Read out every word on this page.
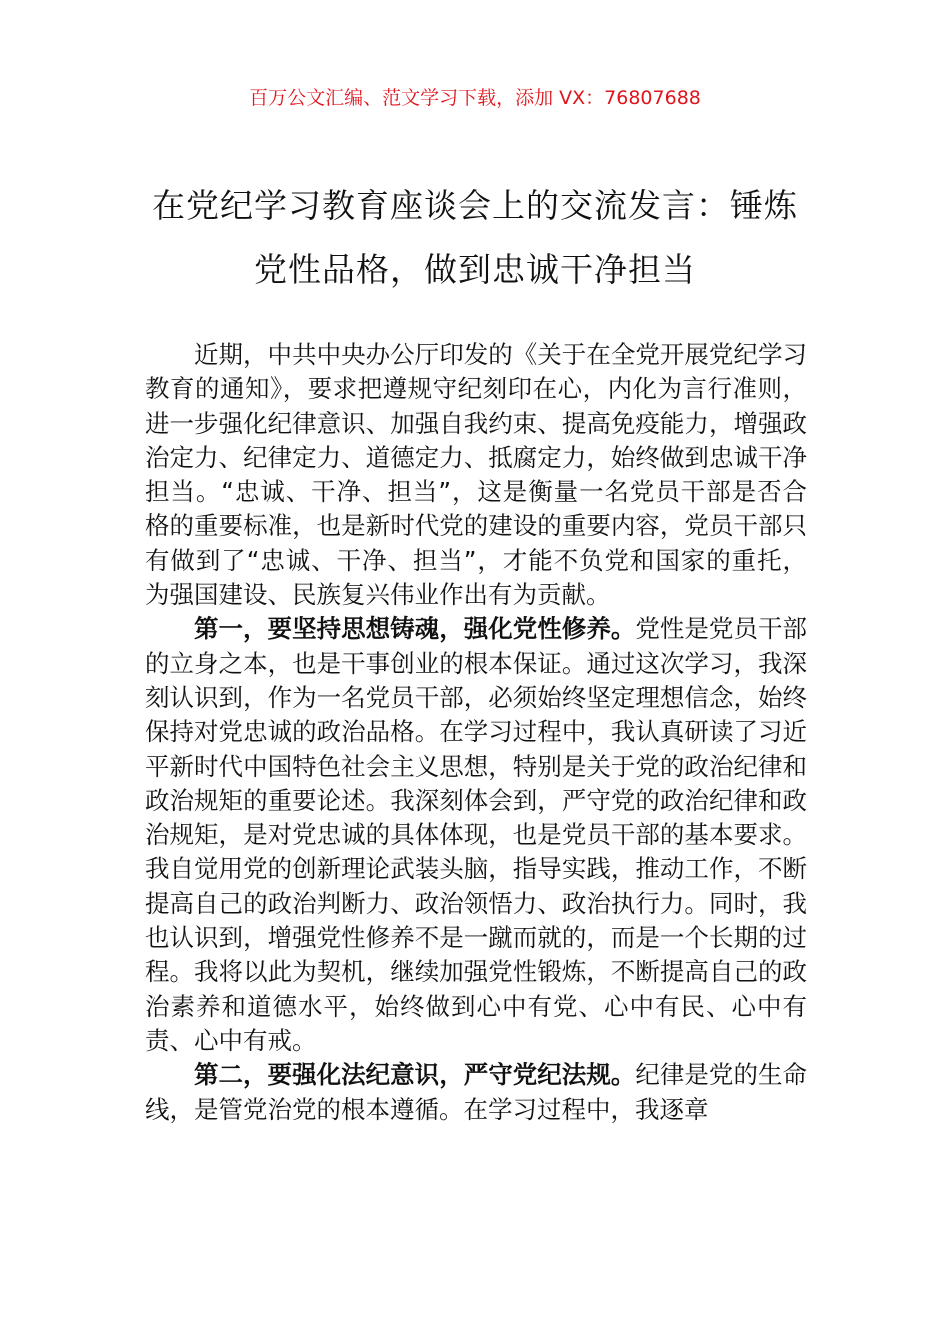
百万公文汇编、范文学习下载，添加 VX：76807688
在党纪学习教育座谈会上的交流发言：锤炼党性品格，做到忠诚干净担当

近期，中共中央办公厅印发的《关于在全党开展党纪学习教育的通知》，要求把遵规守纪刻印在心，内化为言行准则，进一步强化纪律意识、加强自我约束、提高免疫能力，增强政治定力、纪律定力、道德定力、抵腐定力，始终做到忠诚干净担当。“忠诚、干净、担当”，这是衡量一名党员干部是否合格的重要标准，也是新时代党的建设的重要内容，党员干部只有做到了“忠诚、干净、担当”，才能不负党和国家的重托，为强国建设、民族复兴伟业作出有为贡献。

第一，要坚持思想铸魂，强化党性修养。党性是党员干部的立身之本，也是干事创业的根本保证。通过这次学习，我深刻认识到，作为一名党员干部，必须始终坚定理想信念，始终保持对党忠诚的政治品格。在学习过程中，我认真研读了习近平新时代中国特色社会主义思想，特别是关于党的政治纪律和政治规矩的重要论述。我深刻体会到，严守党的政治纪律和政治规矩，是对党忠诚的具体体现，也是党员干部的基本要求。我自觉用党的创新理论武装头脑，指导实践，推动工作，不断提高自己的政治判断力、政治领悟力、政治执行力。同时，我也认识到，增强党性修养不是一蹴而就的，而是一个长期的过程。我将以此为契机，继续加强党性锻炼，不断提高自己的政治素养和道德水平，始终做到心中有党、心中有民、心中有责、心中有戒。

第二，要强化法纪意识，严守党纪法规。纪律是党的生命线，是管党治党的根本遵循。在学习过程中，我逐章
